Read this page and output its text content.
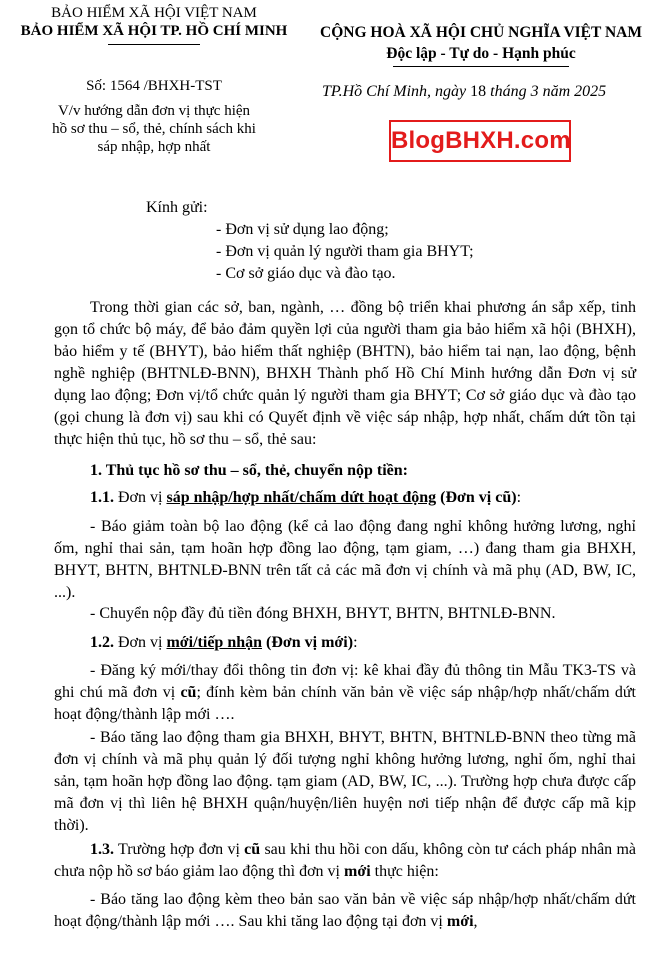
BẢO HIỂM XÃ HỘI VIỆT NAM
BẢO HIỂM XÃ HỘI TP. HỒ CHÍ MINH
Số: 1564 /BHXH-TST
V/v hướng dẫn đơn vị thực hiện
hồ sơ thu – sổ, thẻ, chính sách khi
sáp nhập, hợp nhất
CỘNG HOÀ XÃ HỘI CHỦ NGHĨA VIỆT NAM
Độc lập - Tự do - Hạnh phúc
TP.Hồ Chí Minh, ngày 18 tháng 3 năm 2025
BlogBHXH.com
Kính gửi:
- Đơn vị sử dụng lao động;
- Đơn vị quản lý người tham gia BHYT;
- Cơ sở giáo dục và đào tạo.
Trong thời gian các sở, ban, ngành, … đồng bộ triển khai phương án sắp xếp, tinh gọn tổ chức bộ máy, để bảo đảm quyền lợi của người tham gia bảo hiểm xã hội (BHXH), bảo hiểm y tế (BHYT), bảo hiểm thất nghiệp (BHTN), bảo hiểm tai nạn, lao động, bệnh nghề nghiệp (BHTNLĐ-BNN), BHXH Thành phố Hồ Chí Minh hướng dẫn Đơn vị sử dụng lao động; Đơn vị/tổ chức quản lý người tham gia BHYT; Cơ sở giáo dục và đào tạo (gọi chung là đơn vị) sau khi có Quyết định về việc sáp nhập, hợp nhất, chấm dứt tồn tại thực hiện thủ tục, hồ sơ thu – sổ, thẻ sau:
1. Thủ tục hồ sơ thu – sổ, thẻ, chuyển nộp tiền:
1.1. Đơn vị sáp nhập/hợp nhất/chấm dứt hoạt động (Đơn vị cũ):
- Báo giảm toàn bộ lao động (kể cả lao động đang nghỉ không hưởng lương, nghỉ ốm, nghỉ thai sản, tạm hoãn hợp đồng lao động, tạm giam, …) đang tham gia BHXH, BHYT, BHTN, BHTNLĐ-BNN trên tất cả các mã đơn vị chính và mã phụ (AD, BW, IC, ...).
- Chuyển nộp đầy đủ tiền đóng BHXH, BHYT, BHTN, BHTNLĐ-BNN.
1.2. Đơn vị mới/tiếp nhận (Đơn vị mới):
- Đăng ký mới/thay đổi thông tin đơn vị: kê khai đầy đủ thông tin Mẫu TK3-TS và ghi chú mã đơn vị cũ; đính kèm bản chính văn bản về việc sáp nhập/hợp nhất/chấm dứt hoạt động/thành lập mới ….
- Báo tăng lao động tham gia BHXH, BHYT, BHTN, BHTNLĐ-BNN theo từng mã đơn vị chính và mã phụ quản lý đối tượng nghỉ không hưởng lương, nghỉ ốm, nghỉ thai sản, tạm hoãn hợp đồng lao động. tạm giam (AD, BW, IC, ...). Trường hợp chưa được cấp mã đơn vị thì liên hệ BHXH quận/huyện/liên huyện nơi tiếp nhận để được cấp mã kịp thời).
1.3. Trường hợp đơn vị cũ sau khi thu hồi con dấu, không còn tư cách pháp nhân mà chưa nộp hồ sơ báo giảm lao động thì đơn vị mới thực hiện:
- Báo tăng lao động kèm theo bản sao văn bản về việc sáp nhập/hợp nhất/chấm dứt hoạt động/thành lập mới …. Sau khi tăng lao động tại đơn vị mới,
